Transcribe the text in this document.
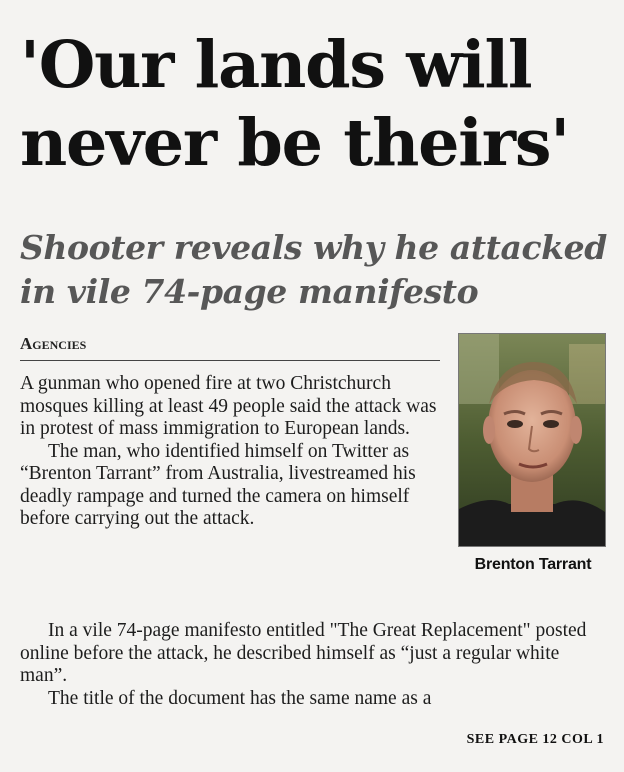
'Our lands will never be theirs'
Shooter reveals why he attacked in vile 74-page manifesto
Agencies

A gunman who opened fire at two Christchurch mosques killing at least 49 people said the attack was in protest of mass immigration to European lands.

The man, who identified himself on Twitter as “Brenton Tarrant” from Australia, livestreamed his deadly rampage and turned the camera on himself before carrying out the attack.

In a vile 74-page manifesto entitled "The Great Replacement" posted online before the attack, he described himself as “just a regular white man”.

The title of the document has the same name as a

Brenton Tarrant
SEE PAGE 12 COL 1
